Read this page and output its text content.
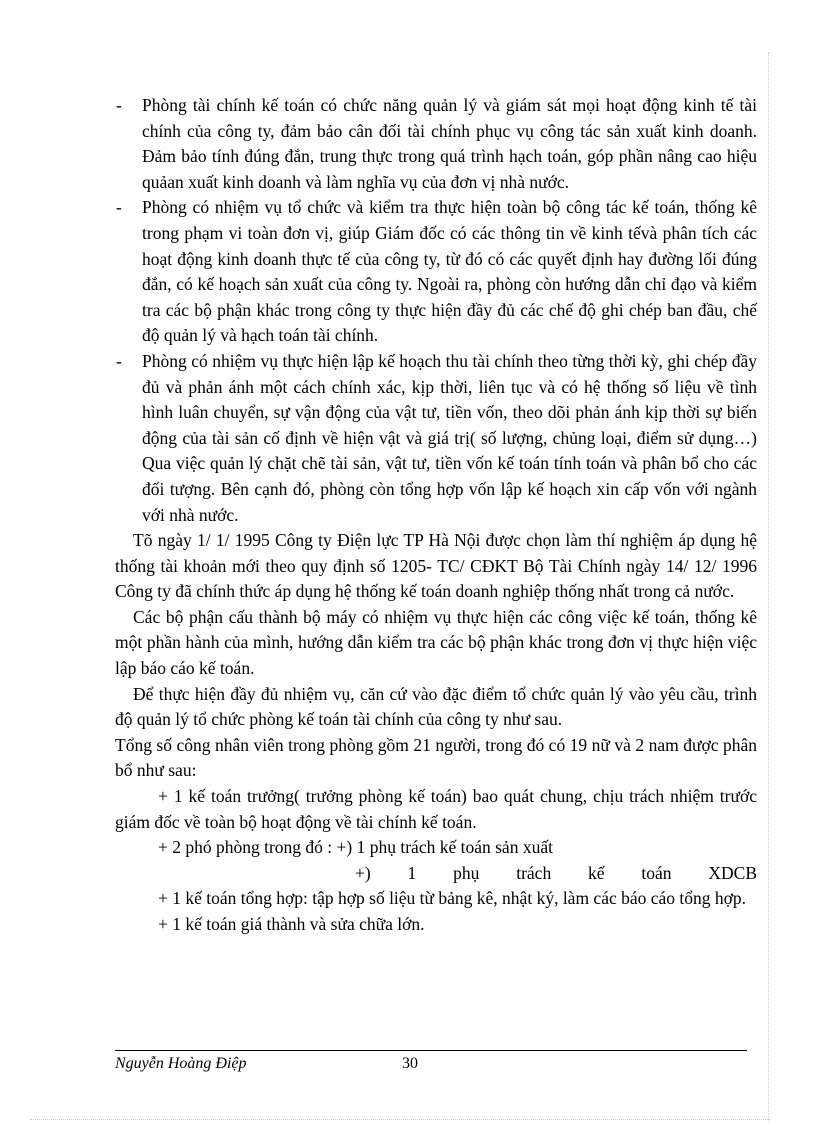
- Phòng tài chính kế toán có chức năng quản lý và giám sát mọi hoạt động kinh tế tài chính của công ty, đảm bảo cân đối tài chính phục vụ công tác sản xuất kinh doanh. Đảm bảo tính đúng đắn, trung thực trong quá trình hạch toán, góp phần nâng cao hiệu quảan xuất kinh doanh và làm nghĩa vụ của đơn vị nhà nước.
- Phòng có nhiệm vụ tổ chức và kiểm tra thực hiện toàn bộ công tác kế toán, thống kê trong phạm vi toàn đơn vị, giúp Giám đốc có các thông tin về kinh tếvà phân tích các hoạt động kinh doanh thực tế của công ty, từ đó có các quyết định hay đường lối đúng đắn, có kế hoạch sản xuất của công ty. Ngoài ra, phòng còn hướng dẫn chỉ đạo và kiểm tra các bộ phận khác trong công ty thực hiện đầy đủ các chế độ ghi chép ban đầu, chế độ quản lý và hạch toán tài chính.
- Phòng có nhiệm vụ thực hiện lập kế hoạch thu tài chính theo từng thời kỳ, ghi chép đầy đủ và phản ánh một cách chính xác, kịp thời, liên tục và có hệ thống số liệu về tình hình luân chuyển, sự vận động của vật tư, tiền vốn, theo dõi phản ánh kịp thời sự biến động của tài sản cố định về hiện vật và giá trị( số lượng, chủng loại, điểm sử dụng…) Qua việc quản lý chặt chẽ tài sản, vật tư, tiền vốn kế toán tính toán và phân bổ cho các đối tượng. Bên cạnh đó, phòng còn tổng hợp vốn lập kế hoạch xin cấp vốn với ngành với nhà nước.
Tõ ngày 1/ 1/ 1995 Công ty Điện lực TP Hà Nội được chọn làm thí nghiệm áp dụng hệ thống tài khoản mới theo quy định số 1205- TC/ CĐKT Bộ Tài Chính ngày 14/ 12/ 1996 Công ty đã chính thức áp dụng hệ thống kế toán doanh nghiệp thống nhất trong cả nước.
Các bộ phận cấu thành bộ máy có nhiệm vụ thực hiện các công việc kế toán, thống kê một phần hành của mình, hướng dẫn kiểm tra các bộ phận khác trong đơn vị thực hiện việc lập báo cáo kế toán.
Để thực hiện đầy đủ nhiệm vụ, căn cứ vào đặc điểm tổ chức quản lý vào yêu cầu, trình độ quản lý tổ chức phòng kế toán tài chính của công ty như sau.
Tổng số công nhân viên trong phòng gồm 21 người, trong đó có 19 nữ và 2 nam được phân bổ như sau:
+ 1 kế toán trưởng( trưởng phòng kế toán) bao quát chung, chịu trách nhiệm trước giám đốc về toàn bộ hoạt động về tài chính kế toán.
+ 2 phó phòng trong đó : +) 1 phụ trách kế toán sản xuất
+) 1 phụ trách kế toán XDCB
+ 1 kế toán tổng hợp: tập hợp số liệu từ bảng kê, nhật ký, làm các báo cáo tổng hợp.
+ 1 kế toán giá thành và sửa chữa lớn.
Nguyễn Hoàng Điệp	30
